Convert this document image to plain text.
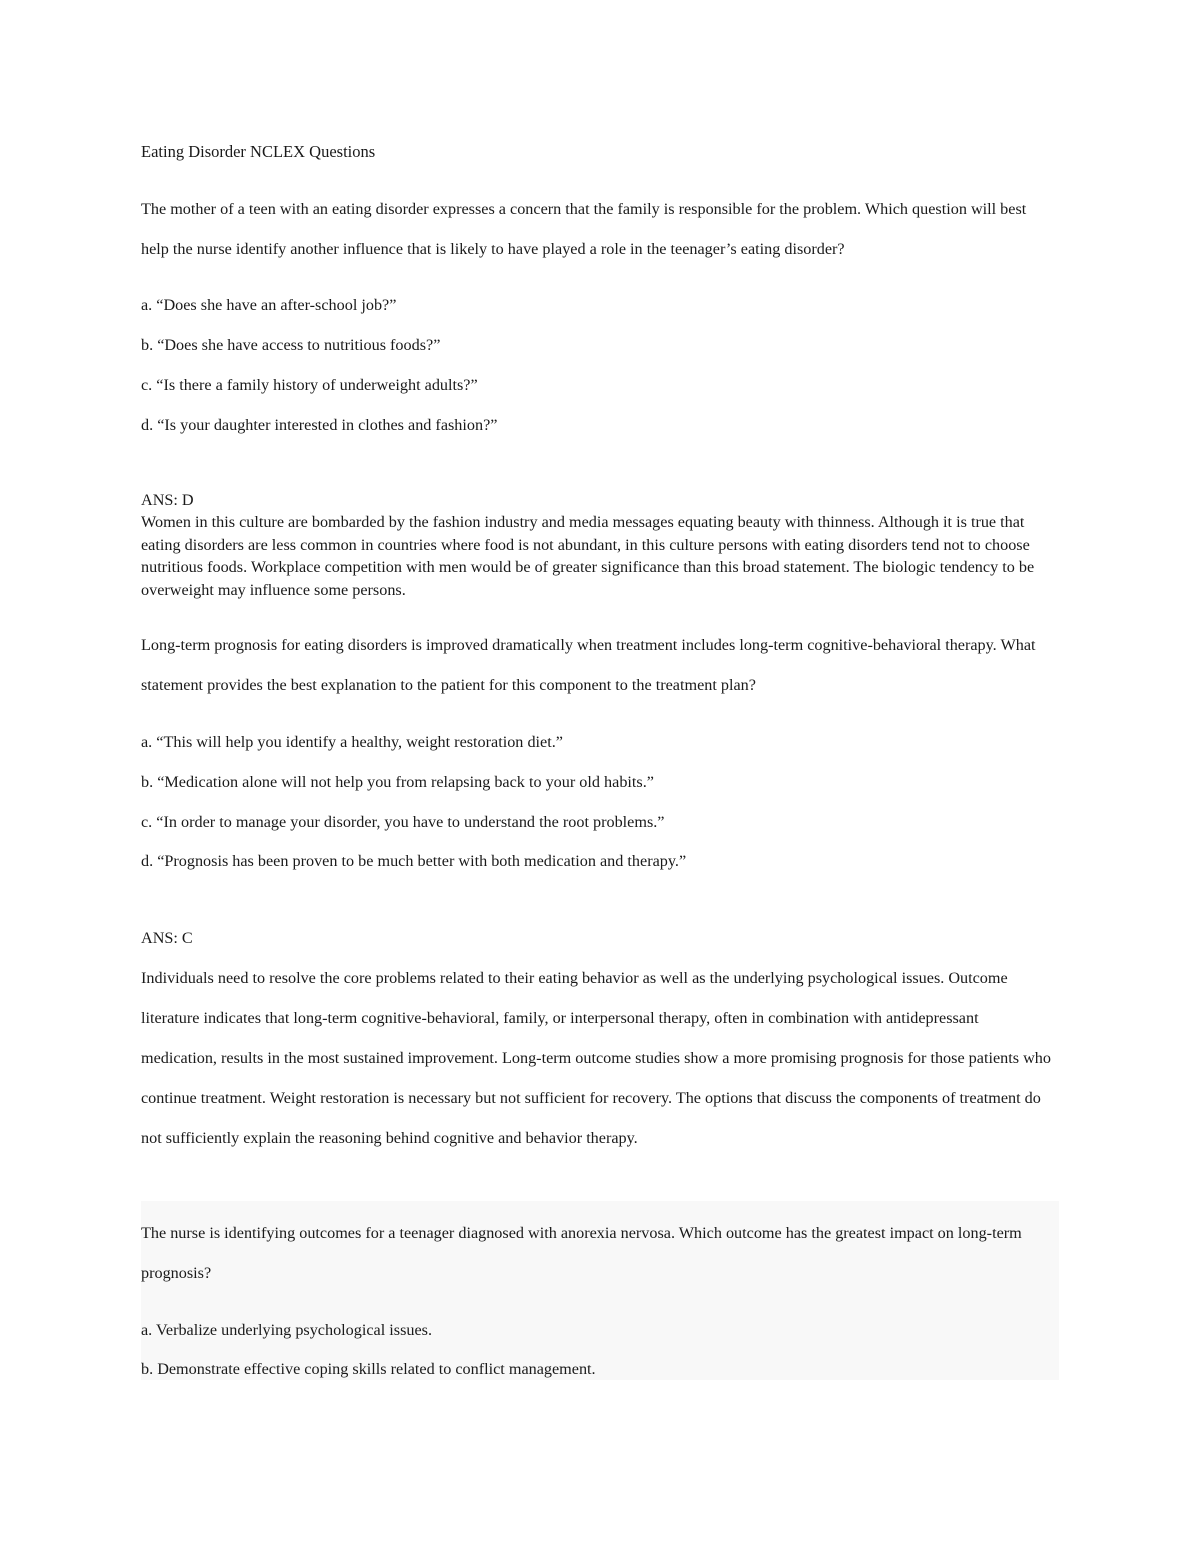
Eating Disorder NCLEX Questions
The mother of a teen with an eating disorder expresses a concern that the family is responsible for the problem. Which question will best help the nurse identify another influence that is likely to have played a role in the teenager’s eating disorder?
a. “Does she have an after-school job?”
b. “Does she have access to nutritious foods?”
c. “Is there a family history of underweight adults?”
d. “Is your daughter interested in clothes and fashion?”
ANS: D
Women in this culture are bombarded by the fashion industry and media messages equating beauty with thinness. Although it is true that eating disorders are less common in countries where food is not abundant, in this culture persons with eating disorders tend not to choose nutritious foods. Workplace competition with men would be of greater significance than this broad statement. The biologic tendency to be overweight may influence some persons.
Long-term prognosis for eating disorders is improved dramatically when treatment includes long-term cognitive-behavioral therapy. What statement provides the best explanation to the patient for this component to the treatment plan?
a. “This will help you identify a healthy, weight restoration diet.”
b. “Medication alone will not help you from relapsing back to your old habits.”
c. “In order to manage your disorder, you have to understand the root problems.”
d. “Prognosis has been proven to be much better with both medication and therapy.”
ANS: C
Individuals need to resolve the core problems related to their eating behavior as well as the underlying psychological issues. Outcome literature indicates that long-term cognitive-behavioral, family, or interpersonal therapy, often in combination with antidepressant medication, results in the most sustained improvement. Long-term outcome studies show a more promising prognosis for those patients who continue treatment. Weight restoration is necessary but not sufficient for recovery. The options that discuss the components of treatment do not sufficiently explain the reasoning behind cognitive and behavior therapy.
The nurse is identifying outcomes for a teenager diagnosed with anorexia nervosa. Which outcome has the greatest impact on long-term prognosis?
a. Verbalize underlying psychological issues.
b. Demonstrate effective coping skills related to conflict management.
